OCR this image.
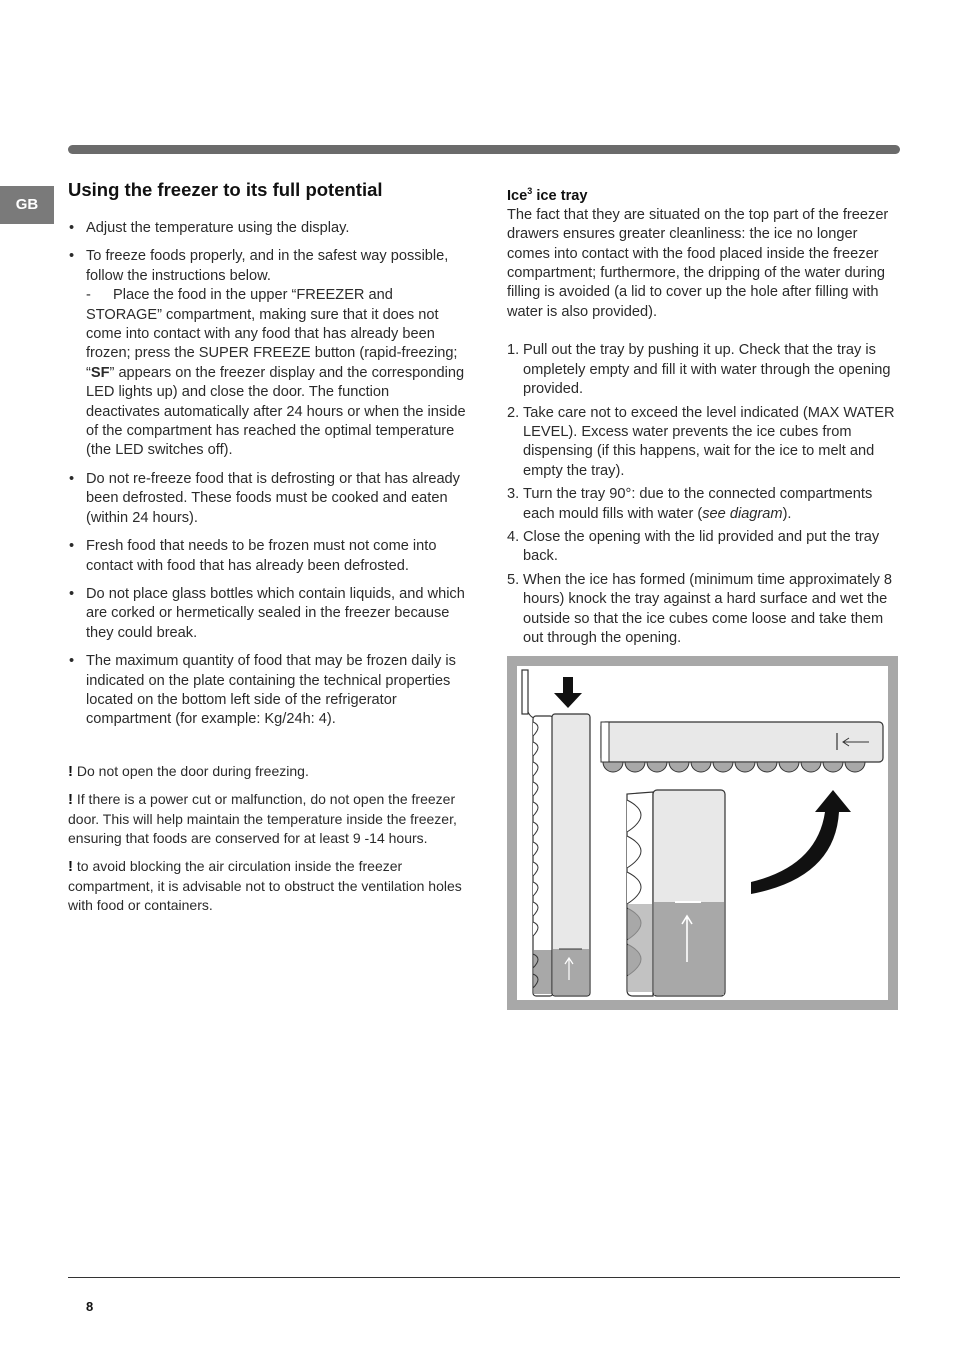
GB
Using the freezer to its full potential
• Adjust the temperature using the display.
• To freeze foods properly, and in the safest way possible, follow the instructions below.
- Place the food in the upper “FREEZER and STORAGE” compartment, making sure that it does not come into contact with any food that has already been frozen; press the SUPER FREEZE button (rapid-freezing; “SF” appears on the freezer display and the corresponding LED lights up) and close the door. The function deactivates automatically after 24 hours or when the inside of the compartment has reached the optimal temperature (the LED switches off).
• Do not re-freeze food that is defrosting or that has already been defrosted. These foods must be cooked and eaten (within 24 hours).
• Fresh food that needs to be frozen must not come into contact with food that has already been defrosted.
• Do not place glass bottles which contain liquids, and which are corked or hermetically sealed in the freezer because they could break.
• The maximum quantity of food that may be frozen daily is indicated on the plate containing the technical properties located on the bottom left side of the refrigerator compartment (for example: Kg/24h: 4).

! Do not open the door during freezing.

! If there is a power cut or malfunction, do not open the freezer door. This will help maintain the temperature inside the freezer, ensuring that foods are conserved for at least 9 -14 hours.

! to avoid blocking the air circulation inside the freezer compartment, it is advisable not to obstruct the ventilation holes with food or containers.

Ice$^3$ ice tray

The fact that they are situated on the top part of the freezer drawers ensures greater cleanliness: the ice no longer comes into contact with the food placed inside the freezer compartment; furthermore, the dripping of the water during filling is avoided (a lid to cover up the hole after filling with water is also provided).

1. Pull out the tray by pushing it up. Check that the tray is ompletely empty and fill it with water through the opening provided.
2. Take care not to exceed the level indicated (MAX WATER LEVEL). Excess water prevents the ice cubes from dispensing (if this happens, wait for the ice to melt and empty the tray).
3. Turn the tray 90°: due to the connected compartments each mould fills with water (see diagram).
4. Close the opening with the lid provided and put the tray back.
5. When the ice has formed (minimum time approximately 8 hours) knock the tray against a hard surface and wet the outside so that the ice cubes come loose and take them out through the opening.
8
